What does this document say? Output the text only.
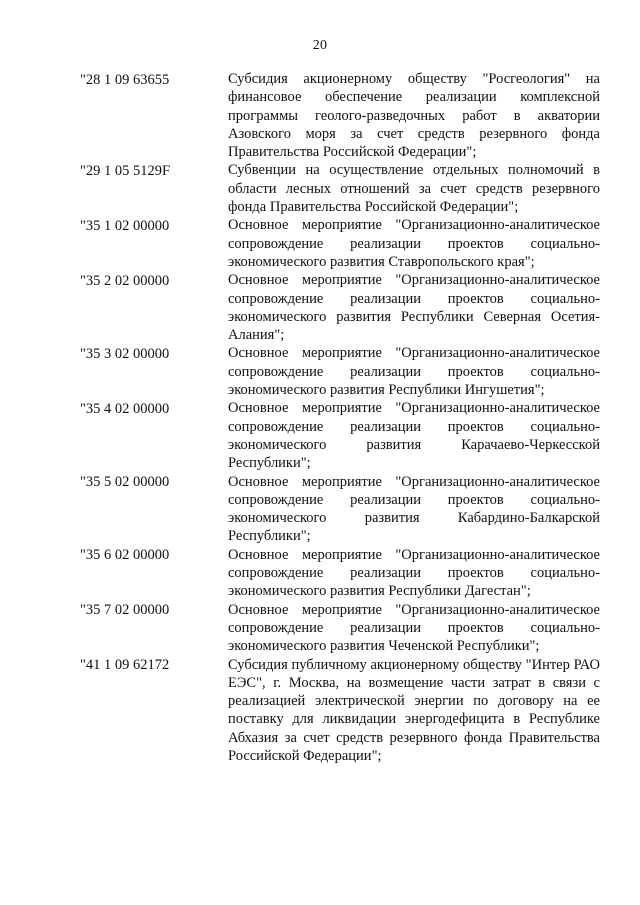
20
"28 1 09 63655	Субсидия акционерному обществу "Росгеология" на финансовое обеспечение реализации комплексной программы геолого-разведочных работ в акватории Азовского моря за счет средств резервного фонда Правительства Российской Федерации";
"29 1 05 5129F	Субвенции на осуществление отдельных полномочий в области лесных отношений за счет средств резервного фонда Правительства Российской Федерации";
"35 1 02 00000	Основное мероприятие "Организационно-аналитическое сопровождение реализации проектов социально-экономического развития Ставропольского края";
"35 2 02 00000	Основное мероприятие "Организационно-аналитическое сопровождение реализации проектов социально-экономического развития Республики Северная Осетия-Алания";
"35 3 02 00000	Основное мероприятие "Организационно-аналитическое сопровождение реализации проектов социально-экономического развития Республики Ингушетия";
"35 4 02 00000	Основное мероприятие "Организационно-аналитическое сопровождение реализации проектов социально-экономического развития Карачаево-Черкесской Республики";
"35 5 02 00000	Основное мероприятие "Организационно-аналитическое сопровождение реализации проектов социально-экономического развития Кабардино-Балкарской Республики";
"35 6 02 00000	Основное мероприятие "Организационно-аналитическое сопровождение реализации проектов социально-экономического развития Республики Дагестан";
"35 7 02 00000	Основное мероприятие "Организационно-аналитическое сопровождение реализации проектов социально-экономического развития Чеченской Республики";
"41 1 09 62172	Субсидия публичному акционерному обществу "Интер РАО ЕЭС", г. Москва, на возмещение части затрат в связи с реализацией электрической энергии по договору на ее поставку для ликвидации энергодефицита в Республике Абхазия за счет средств резервного фонда Правительства Российской Федерации";
